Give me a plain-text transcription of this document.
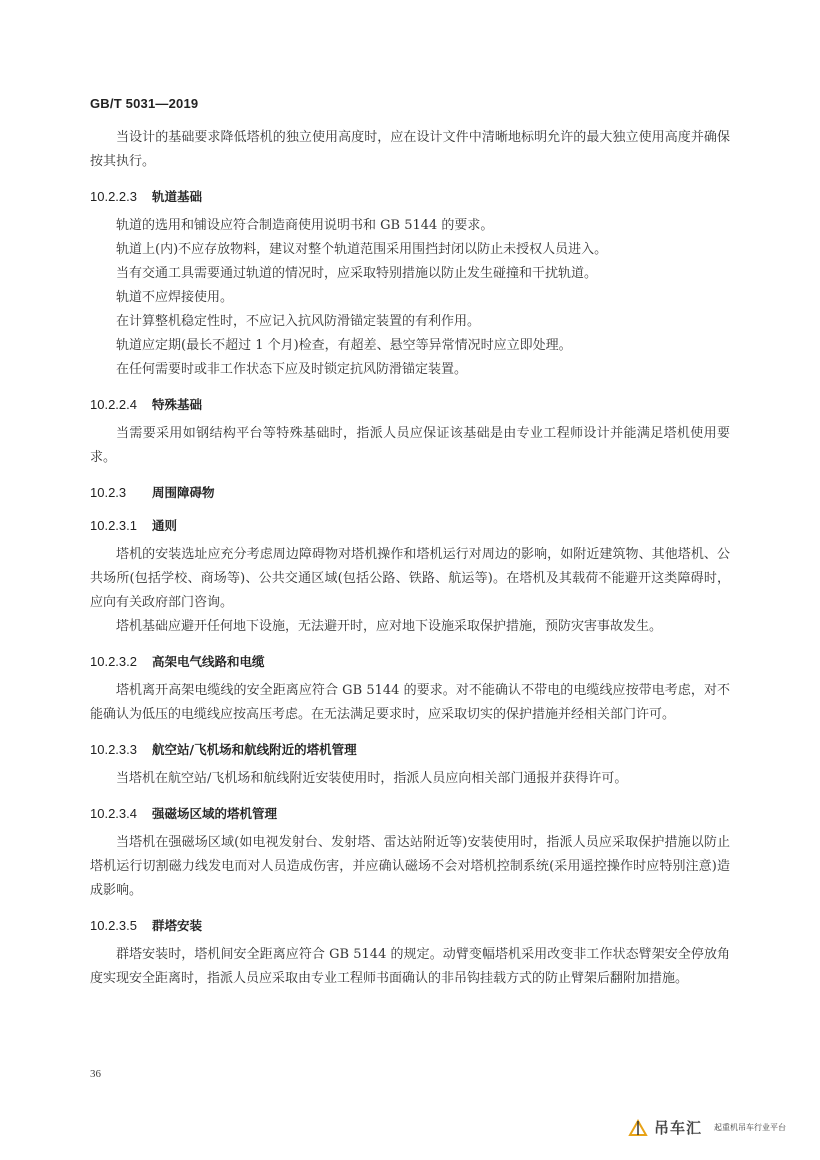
GB/T 5031—2019

当设计的基础要求降低塔机的独立使用高度时，应在设计文件中清晰地标明允许的最大独立使用高度并确保按其执行。

10.2.2.3 轨道基础

轨道的选用和铺设应符合制造商使用说明书和 GB 5144 的要求。

轨道上(内)不应存放物料，建议对整个轨道范围采用围挡封闭以防止未授权人员进入。

当有交通工具需要通过轨道的情况时，应采取特别措施以防止发生碰撞和干扰轨道。

轨道不应焊接使用。

在计算整机稳定性时，不应记入抗风防滑锚定装置的有利作用。

轨道应定期(最长不超过 1 个月)检查，有超差、悬空等异常情况时应立即处理。

在任何需要时或非工作状态下应及时锁定抗风防滑锚定装置。

10.2.2.4 特殊基础

当需要采用如钢结构平台等特殊基础时，指派人员应保证该基础是由专业工程师设计并能满足塔机使用要求。

10.2.3 周围障碍物
10.2.3.1 通则

塔机的安装选址应充分考虑周边障碍物对塔机操作和塔机运行对周边的影响，如附近建筑物、其他塔机、公共场所(包括学校、商场等)、公共交通区域(包括公路、铁路、航运等)。在塔机及其载荷不能避开这类障碍时，应向有关政府部门咨询。

塔机基础应避开任何地下设施，无法避开时，应对地下设施采取保护措施，预防灾害事故发生。

10.2.3.2 高架电气线路和电缆

塔机离开高架电缆线的安全距离应符合 GB 5144 的要求。对不能确认不带电的电缆线应按带电考虑，对不能确认为低压的电缆线应按高压考虑。在无法满足要求时，应采取切实的保护措施并经相关部门许可。

10.2.3.3 航空站/飞机场和航线附近的塔机管理

当塔机在航空站/飞机场和航线附近安装使用时，指派人员应向相关部门通报并获得许可。

10.2.3.4 强磁场区域的塔机管理

当塔机在强磁场区域(如电视发射台、发射塔、雷达站附近等)安装使用时，指派人员应采取保护措施以防止塔机运行切割磁力线发电而对人员造成伤害，并应确认磁场不会对塔机控制系统(采用遥控操作时应特别注意)造成影响。

10.2.3.5 群塔安装

群塔安装时，塔机间安全距离应符合 GB 5144 的规定。动臂变幅塔机采用改变非工作状态臂架安全停放角度实现安全距离时，指派人员应采取由专业工程师书面确认的非吊钩挂载方式的防止臂架后翻附加措施。

36
吊车汇 起重机吊车行业平台
